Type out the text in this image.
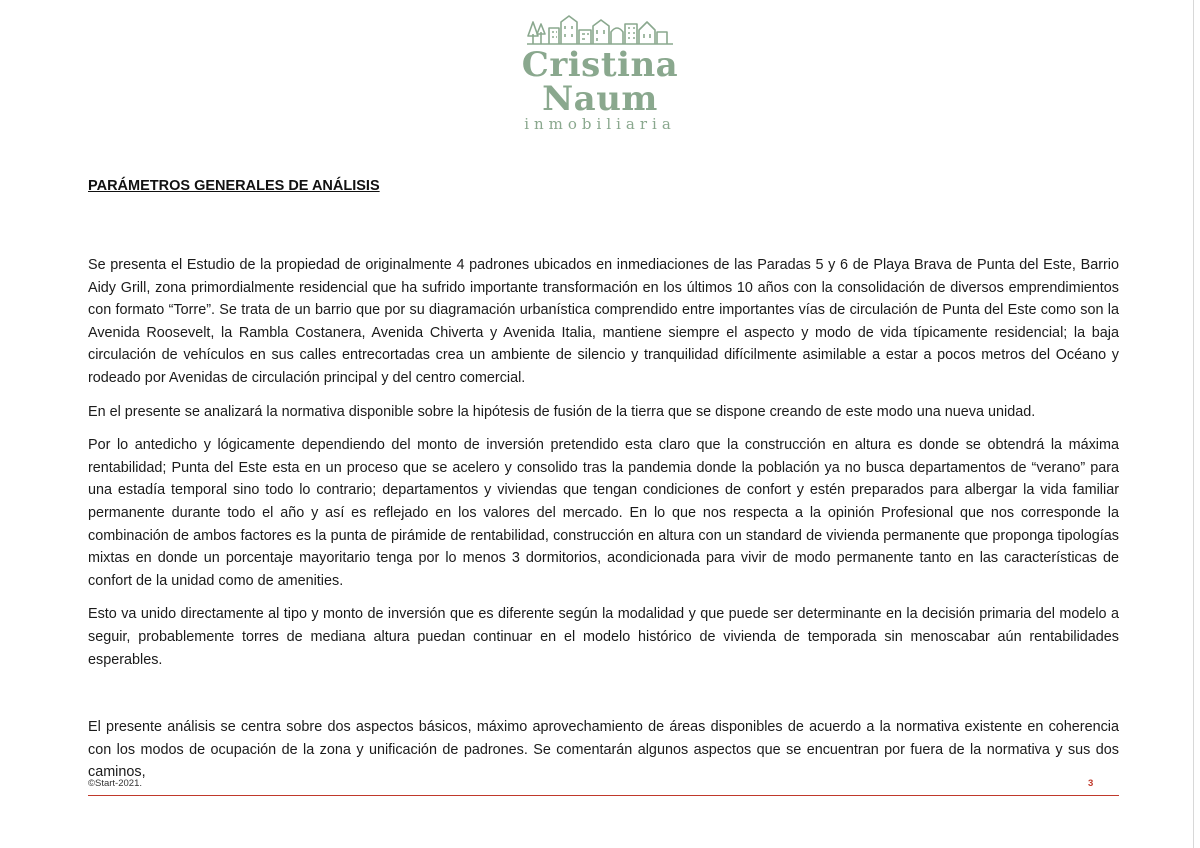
Cristina Naum
inmobiliaria
PARÁMETROS GENERALES DE ANÁLISIS

Se presenta el Estudio de la propiedad de originalmente 4 padrones ubicados en inmediaciones de las Paradas 5 y 6 de Playa Brava de Punta del Este, Barrio Aidy Grill, zona primordialmente residencial que ha sufrido importante transformación en los últimos 10 años con la consolidación de diversos emprendimientos con formato “Torre”. Se trata de un barrio que por su diagramación urbanística comprendido entre importantes vías de circulación de Punta del Este como son la Avenida Roosevelt, la Rambla Costanera, Avenida Chiverta y Avenida Italia, mantiene siempre el aspecto y modo de vida típicamente residencial; la baja circulación de vehículos en sus calles entrecortadas crea un ambiente de silencio y tranquilidad difícilmente asimilable a estar a pocos metros del Océano y rodeado por Avenidas de circulación principal y del centro comercial.

En el presente se analizará la normativa disponible sobre la hipótesis de fusión de la tierra que se dispone creando de este modo una nueva unidad.

Por lo antedicho y lógicamente dependiendo del monto de inversión pretendido esta claro que la construcción en altura es donde se obtendrá la máxima rentabilidad; Punta del Este esta en un proceso que se acelero y consolido tras la pandemia donde la población ya no busca departamentos de “verano” para una estadía temporal sino todo lo contrario; departamentos y viviendas que tengan condiciones de confort y estén preparados para albergar la vida familiar permanente durante todo el año y así es reflejado en los valores del mercado. En lo que nos respecta a la opinión Profesional que nos corresponde la combinación de ambos factores es la punta de pirámide de rentabilidad, construcción en altura con un standard de vivienda permanente que proponga tipologías mixtas en donde un porcentaje mayoritario tenga por lo menos 3 dormitorios, acondicionada para vivir de modo permanente tanto en las características de confort de la unidad como de amenities.

Esto va unido directamente al tipo y monto de inversión que es diferente según la modalidad y que puede ser determinante en la decisión primaria del modelo a seguir, probablemente torres de mediana altura puedan continuar en el modelo histórico de vivienda de temporada sin menoscabar aún rentabilidades esperables.

El presente análisis se centra sobre dos aspectos básicos, máximo aprovechamiento de áreas disponibles de acuerdo a la normativa existente en coherencia con los modos de ocupación de la zona y unificación de padrones. Se comentarán algunos aspectos que se encuentran por fuera de la normativa y sus dos caminos,

©Start-2021.	3
